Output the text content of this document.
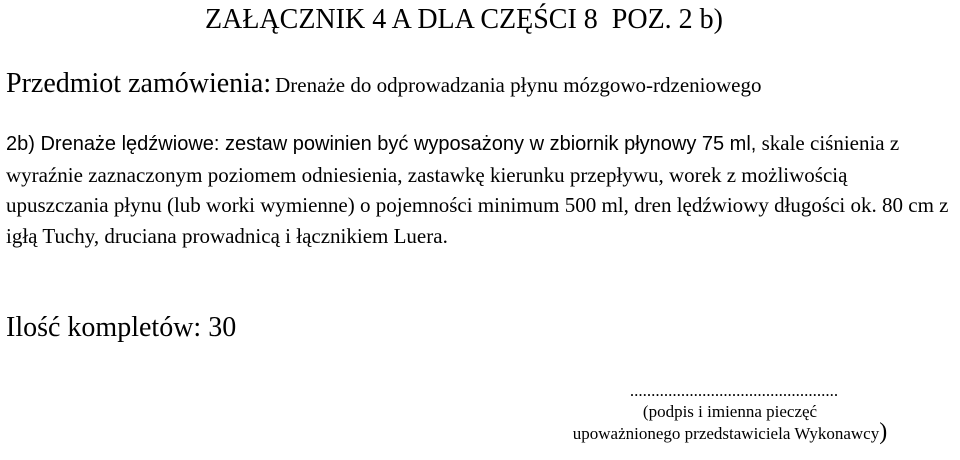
ZAŁĄCZNIK 4 A DLA CZĘŚCI 8  POZ. 2 b)
Przedmiot zamówienia: Drenaże do odprowadzania płynu mózgowo-rdzeniowego
2b) Drenaże lędźwiowe: zestaw powinien być wyposażony w zbiornik płynowy 75 ml, skale ciśnienia z wyraźnie zaznaczonym poziomem odniesienia, zastawkę kierunku przepływu, worek z możliwością upuszczania płynu (lub worki wymienne) o pojemności minimum 500 ml, dren lędźwiowy długości ok. 80 cm z igłą Tuchy, druciana prowadnicą i łącznikiem Luera.
Ilość kompletów: 30
.................................................
(podpis i imienna pieczęć
upoważnionego przedstawiciela Wykonawcy)
